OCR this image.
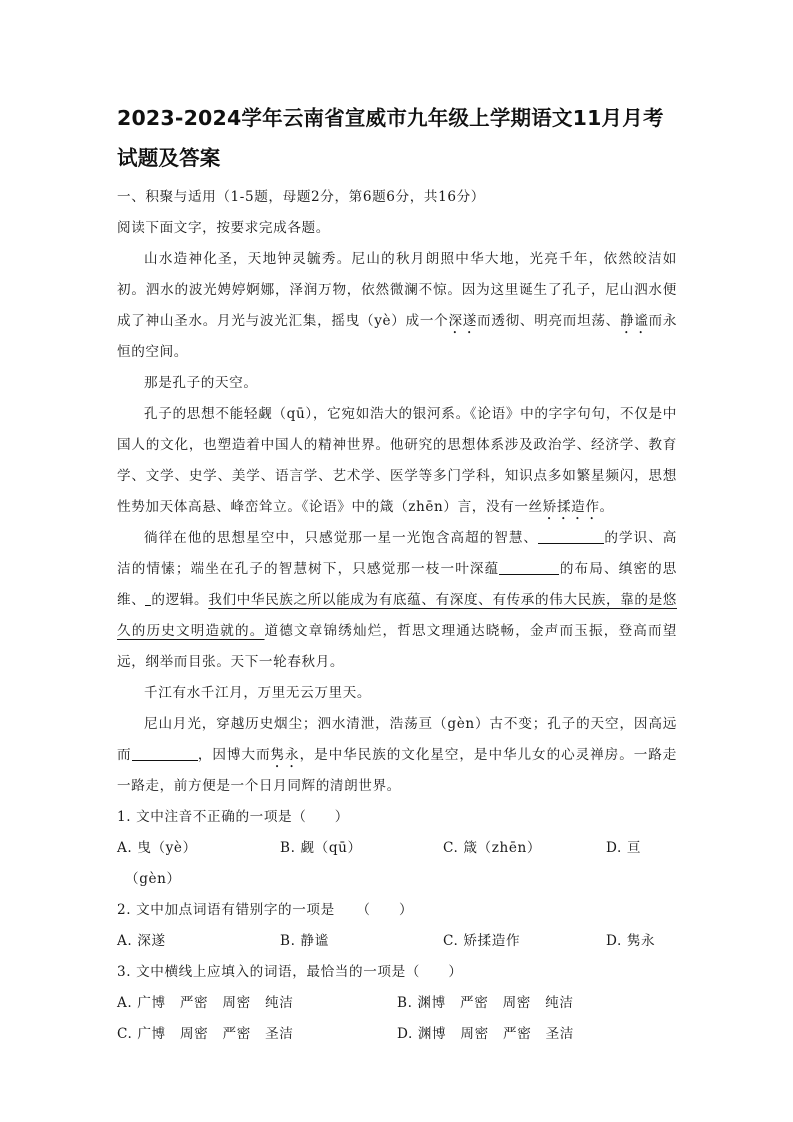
2023-2024学年云南省宣威市九年级上学期语文11月月考
试题及答案

一、积聚与适用（1-5题，母题2分，第6题6分，共16分）

阅读下面文字，按要求完成各题。

山水造神化圣，天地钟灵毓秀。尼山的秋月朗照中华大地，光亮千年，依然皎洁如初。泗水的波光娉婷婀娜，泽润万物，依然微澜不惊。因为这里诞生了孔子，尼山泗水便成了神山圣水。月光与波光汇集，摇曳（yè）成一个深遂而透彻、明亮而坦荡、静谧而永恒的空间。

那是孔子的天空。

孔子的思想不能轻觑（qū），它宛如浩大的银河系。《论语》中的字字句句，不仅是中国人的文化，也塑造着中国人的精神世界。他研究的思想体系涉及政治学、经济学、教育学、文学、史学、美学、语言学、艺术学、医学等多门学科，知识点多如繁星频闪，思想性势加天体高悬、峰峦耸立。《论语》中的箴（zhēn）言，没有一丝矫揉造作。

徜徉在他的思想星空中，只感觉那一星一光饱含高超的智慧、	的学识、高洁的情愫；端坐在孔子的智慧树下，只感觉那一枝一叶深蕴	的布局、缜密的思维、 的逻辑。我们中华民族之所以能成为有底蕴、有深度、有传承的伟大民族，靠的是悠久的历史文明造就的。道德文章锦绣灿烂，哲思文理通达晓畅，金声而玉振，登高而望远，纲举而目张。天下一轮春秋月。

千江有水千江月，万里无云万里天。

尼山月光，穿越历史烟尘；泗水清泄，浩荡亘（gèn）古不变；孔子的天空，因高远而	，因博大而隽永，是中华民族的文化星空，是中华儿女的心灵禅房。一路走一路走，前方便是一个日月同辉的清朗世界。

1. 文中注音不正确的一项是（　　）

A. 曳（yè）	B. 觑（qū）	C. 箴（zhēn）	D. 亘
（gèn）

2. 文中加点词语有错别字的一项是　　（　　）

A. 深遂	B. 静谧	C. 矫揉造作	D. 隽永

3. 文中横线上应填入的词语，最恰当的一项是（　　）

A. 广博　严密　周密　纯洁	B. 渊博　严密　周密　纯洁
C. 广博　周密　严密　圣洁	D. 渊博　周密　严密　圣洁
